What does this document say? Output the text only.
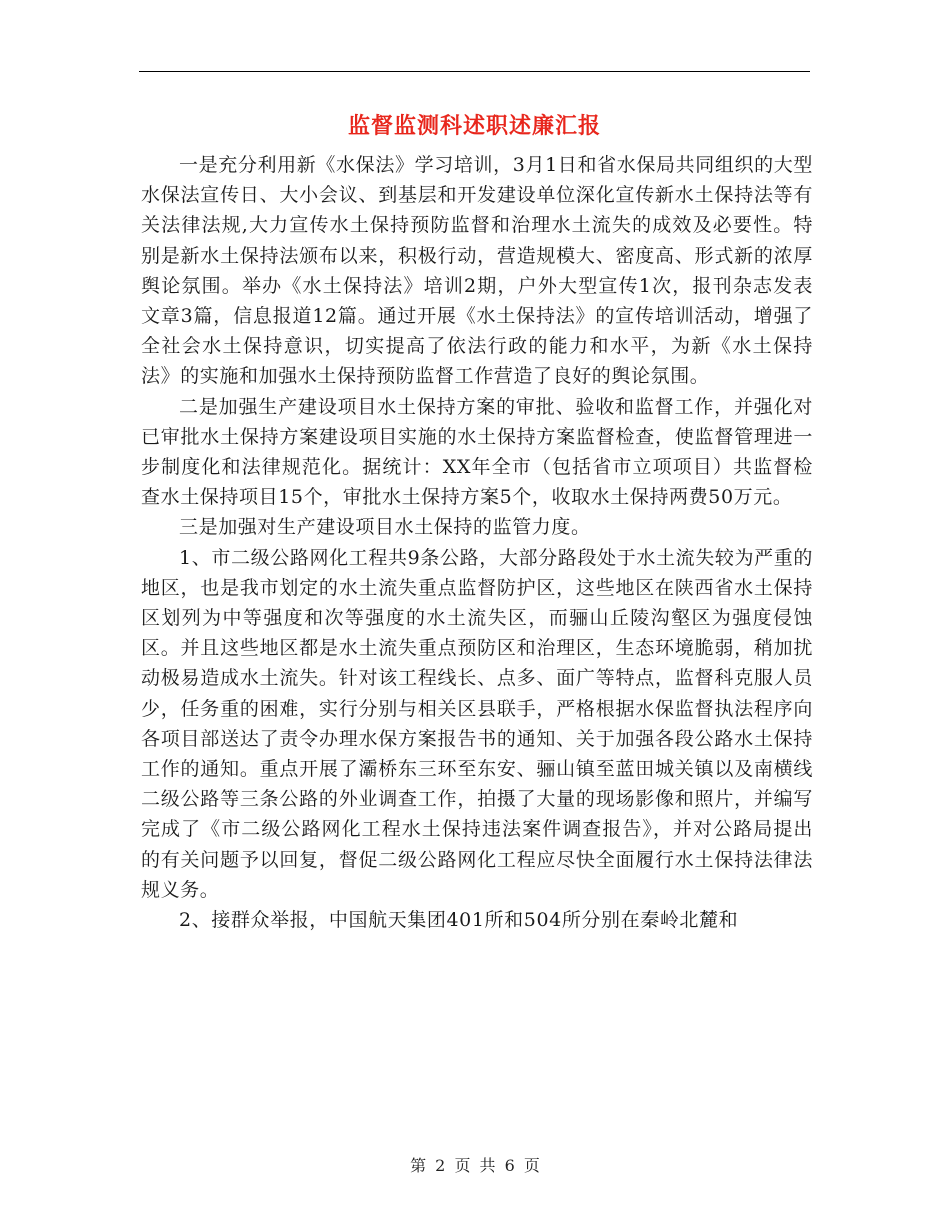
监督监测科述职述廉汇报

一是充分利用新《水保法》学习培训，3月1日和省水保局共同组织的大型水保法宣传日、大小会议、到基层和开发建设单位深化宣传新水土保持法等有关法律法规,大力宣传水土保持预防监督和治理水土流失的成效及必要性。特别是新水土保持法颁布以来，积极行动，营造规模大、密度高、形式新的浓厚舆论氛围。举办《水土保持法》培训2期，户外大型宣传1次，报刊杂志发表文章3篇，信息报道12篇。通过开展《水土保持法》的宣传培训活动，增强了全社会水土保持意识，切实提高了依法行政的能力和水平，为新《水土保持法》的实施和加强水土保持预防监督工作营造了良好的舆论氛围。

二是加强生产建设项目水土保持方案的审批、验收和监督工作，并强化对已审批水土保持方案建设项目实施的水土保持方案监督检查，使监督管理进一步制度化和法律规范化。据统计：XX年全市（包括省市立项项目）共监督检查水土保持项目15个，审批水土保持方案5个，收取水土保持两费50万元。

三是加强对生产建设项目水土保持的监管力度。

1、市二级公路网化工程共9条公路，大部分路段处于水土流失较为严重的地区，也是我市划定的水土流失重点监督防护区，这些地区在陕西省水土保持区划列为中等强度和次等强度的水土流失区，而骊山丘陵沟壑区为强度侵蚀区。并且这些地区都是水土流失重点预防区和治理区，生态环境脆弱，稍加扰动极易造成水土流失。针对该工程线长、点多、面广等特点，监督科克服人员少，任务重的困难，实行分别与相关区县联手，严格根据水保监督执法程序向各项目部送达了责令办理水保方案报告书的通知、关于加强各段公路水土保持工作的通知。重点开展了灞桥东三环至东安、骊山镇至蓝田城关镇以及南横线二级公路等三条公路的外业调查工作，拍摄了大量的现场影像和照片，并编写完成了《市二级公路网化工程水土保持违法案件调查报告》，并对公路局提出的有关问题予以回复，督促二级公路网化工程应尽快全面履行水土保持法律法规义务。

2、接群众举报，中国航天集团401所和504所分别在秦岭北麓和

第 2 页 共 6 页
